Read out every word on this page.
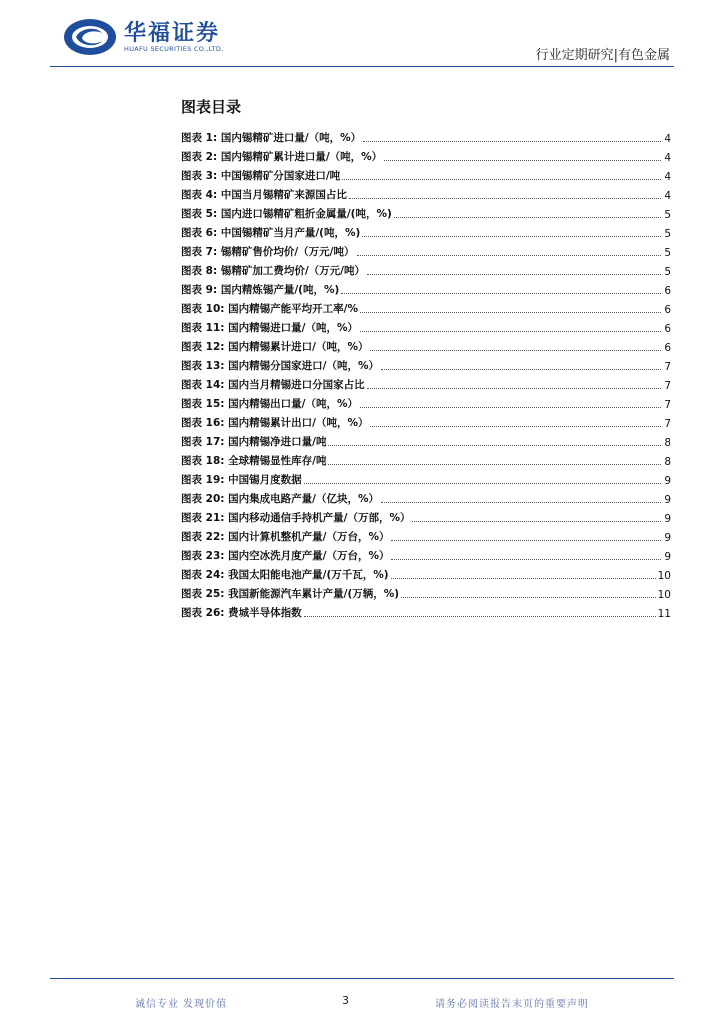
华福证券
HUAFU SECURITIES CO.,LTD.	行业定期研究|有色金属
图表目录
图表 1: 国内锡精矿进口量/（吨，%）	4
图表 2: 国内锡精矿累计进口量/（吨，%）	4
图表 3: 中国锡精矿分国家进口/吨	4
图表 4: 中国当月锡精矿来源国占比	4
图表 5: 国内进口锡精矿粗折金属量/(吨，%)	5
图表 6: 中国锡精矿当月产量/(吨，%)	5
图表 7: 锡精矿售价均价/（万元/吨）	5
图表 8: 锡精矿加工费均价/（万元/吨）	5
图表 9: 国内精炼锡产量/(吨，%)	6
图表 10: 国内精锡产能平均开工率/%	6
图表 11: 国内精锡进口量/（吨，%）	6
图表 12: 国内精锡累计进口/（吨，%）	6
图表 13: 国内精锡分国家进口/（吨，%）	7
图表 14: 国内当月精锡进口分国家占比	7
图表 15: 国内精锡出口量/（吨，%）	7
图表 16: 国内精锡累计出口/（吨，%）	7
图表 17: 国内精锡净进口量/吨	8
图表 18: 全球精锡显性库存/吨	8
图表 19: 中国锡月度数据	9
图表 20: 国内集成电路产量/（亿块，%）	9
图表 21: 国内移动通信手持机产量/（万部，%）	9
图表 22: 国内计算机整机产量/（万台，%）	9
图表 23: 国内空冰洗月度产量/（万台，%）	9
图表 24: 我国太阳能电池产量/(万千瓦，%)	10
图表 25: 我国新能源汽车累计产量/(万辆，%)	10
图表 26: 费城半导体指数	11
诚信专业 发现价值	3	请务必阅读报告末页的重要声明
